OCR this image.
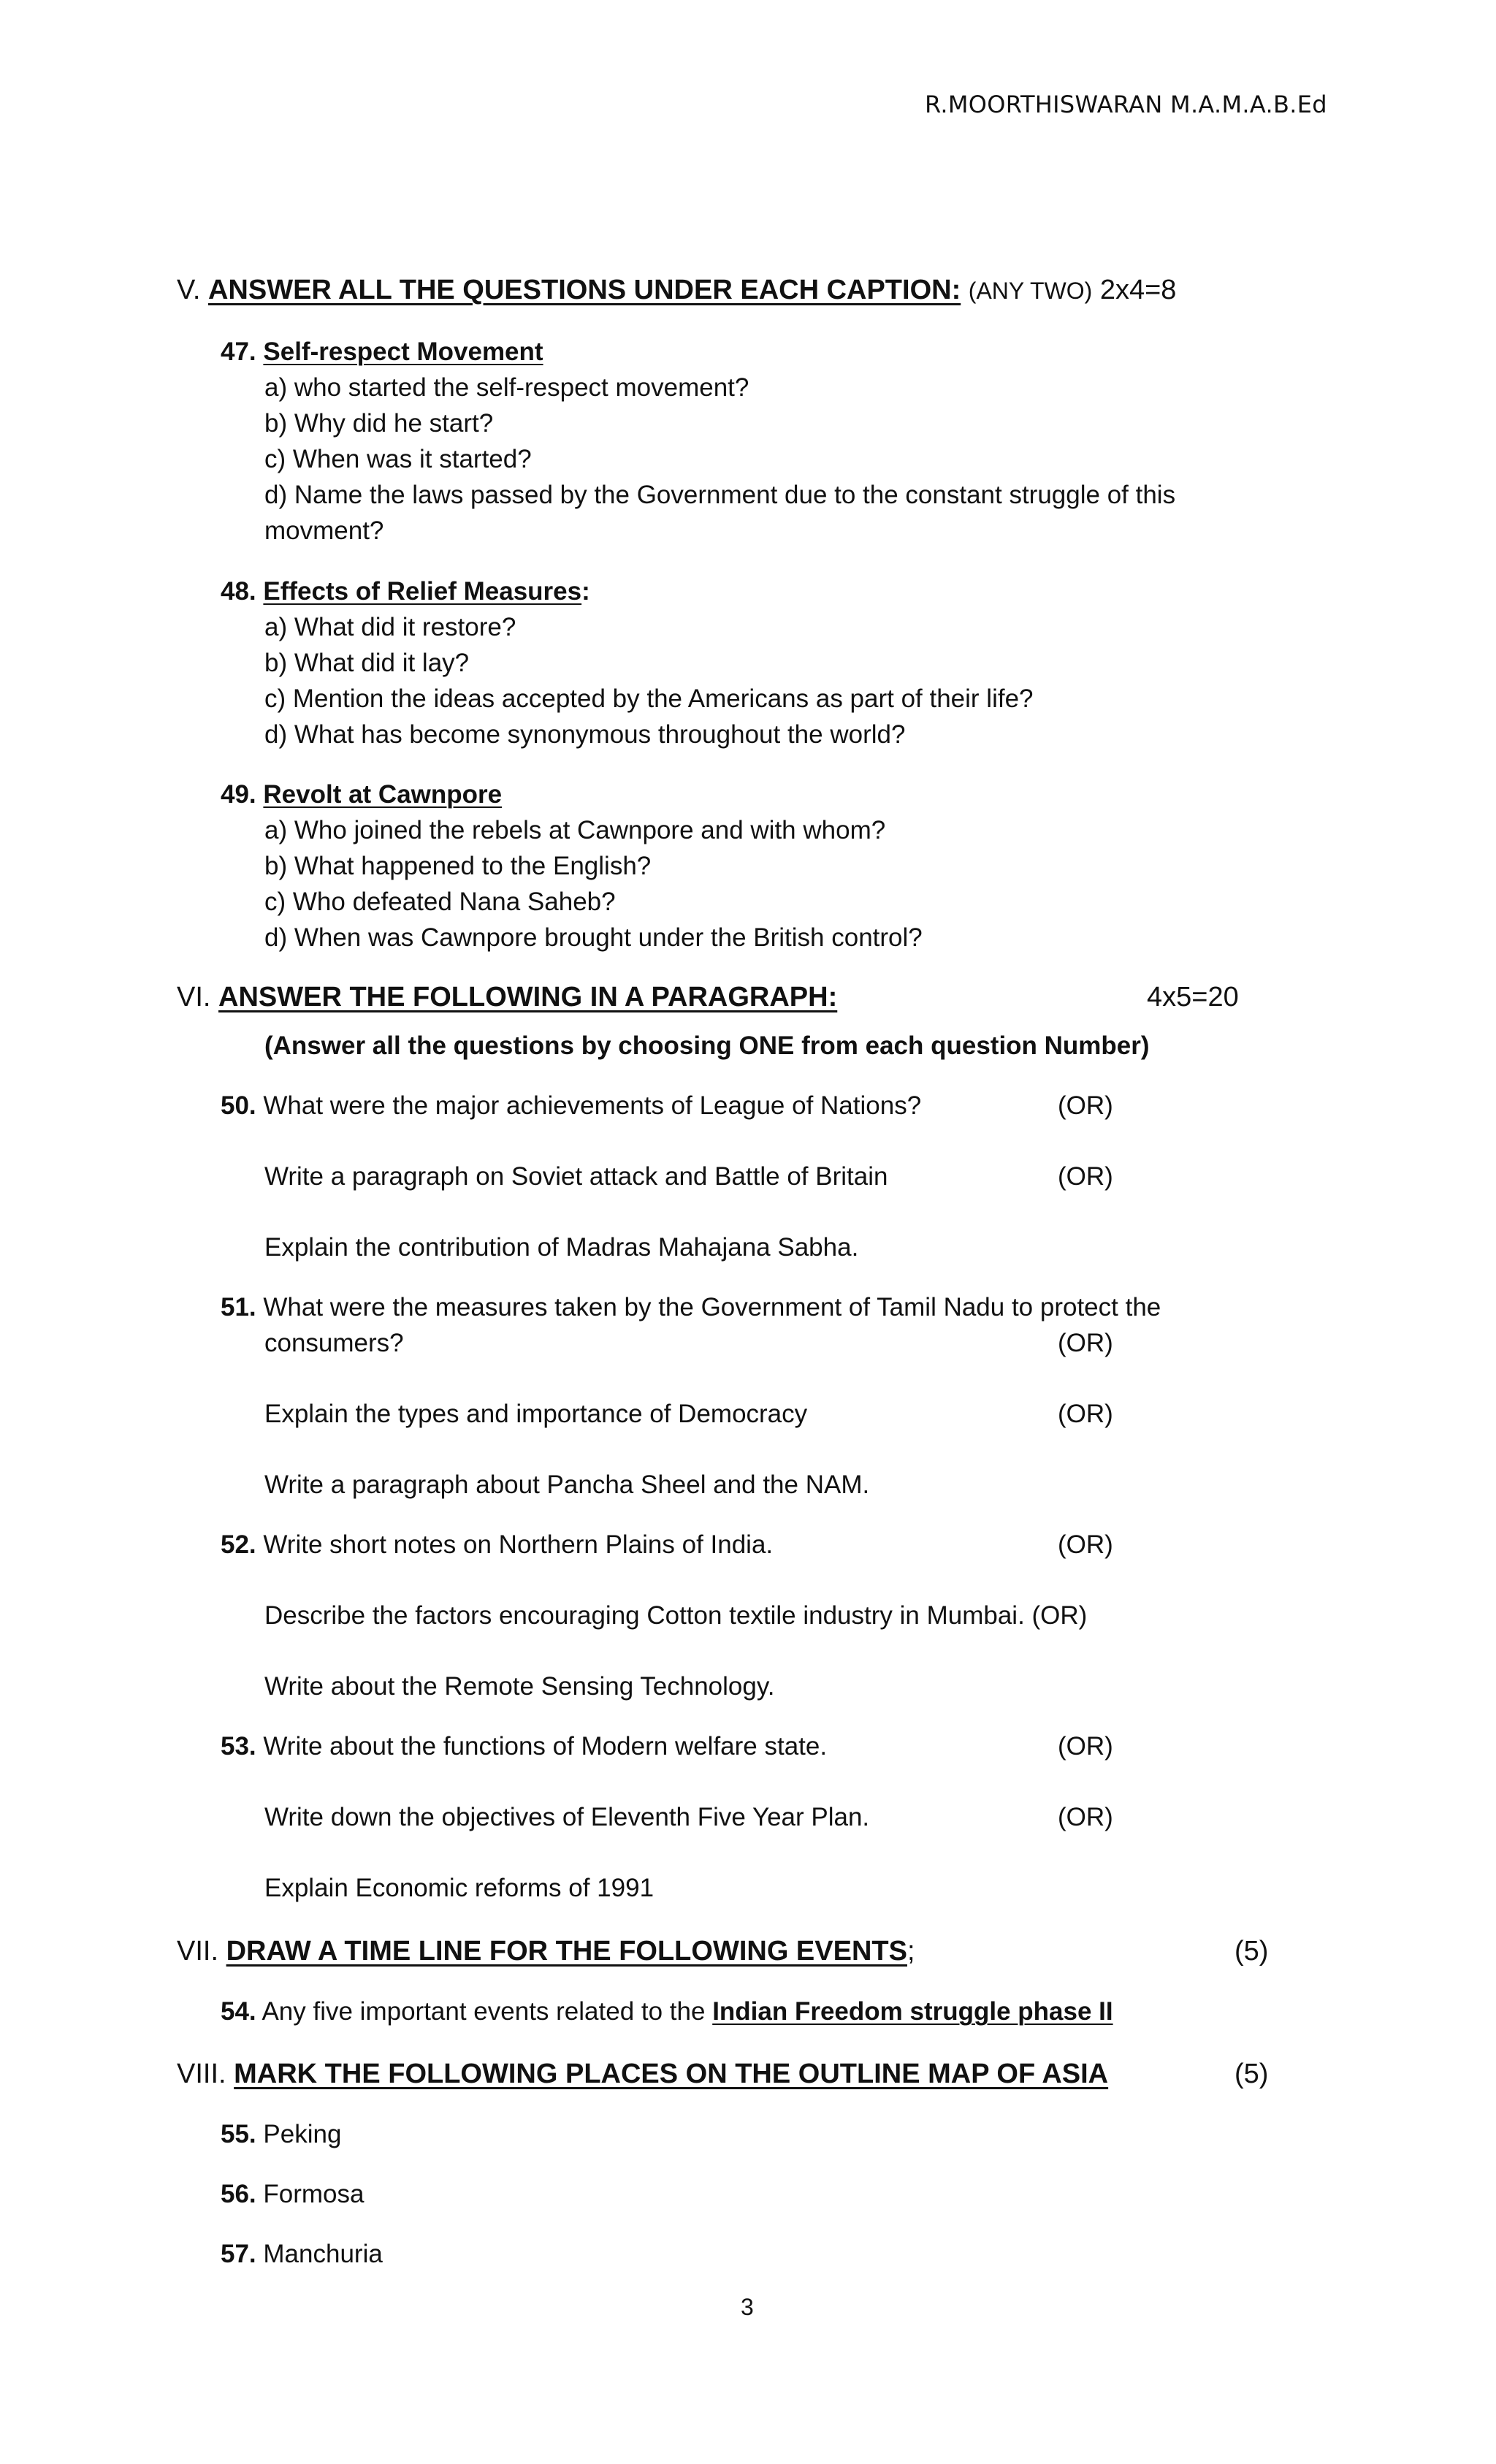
R.MOORTHISWARAN M.A.M.A.B.Ed
V. ANSWER ALL THE QUESTIONS UNDER EACH CAPTION: (ANY TWO) 2x4=8
47. Self-respect Movement
a) who started the self-respect movement?
b) Why did he start?
c) When was it started?
d) Name the laws passed by the Government due to the constant struggle of this
movment?
48. Effects of Relief Measures:
a) What did it restore?
b) What did it lay?
c) Mention the ideas accepted by the Americans as part of their life?
d) What has become synonymous throughout the world?
49. Revolt at Cawnpore
a) Who joined the rebels at Cawnpore and with whom?
b) What happened to the English?
c) Who defeated Nana Saheb?
d) When was Cawnpore brought under the British control?
VI. ANSWER THE FOLLOWING IN A PARAGRAPH:	4x5=20
(Answer all the questions by choosing ONE from each question Number)
50. What were the major achievements of League of Nations?	(OR)
Write a paragraph on Soviet attack and Battle of Britain	(OR)
Explain the contribution of Madras Mahajana Sabha.
51. What were the measures taken by the Government of Tamil Nadu to protect the
consumers?	(OR)
Explain the types and importance of Democracy	(OR)
Write a paragraph about Pancha Sheel and the NAM.
52. Write short notes on Northern Plains of India.	(OR)
Describe the factors encouraging Cotton textile industry in Mumbai. (OR)
Write about the Remote Sensing Technology.
53. Write about the functions of Modern welfare state.	(OR)
Write down the objectives of Eleventh Five Year Plan.	(OR)
Explain Economic reforms of 1991
VII. DRAW A TIME LINE FOR THE FOLLOWING EVENTS;	(5)
54. Any five important events related to the Indian Freedom struggle phase II
VIII. MARK THE FOLLOWING PLACES ON THE OUTLINE MAP OF ASIA	(5)
55. Peking
56. Formosa
57. Manchuria
3
